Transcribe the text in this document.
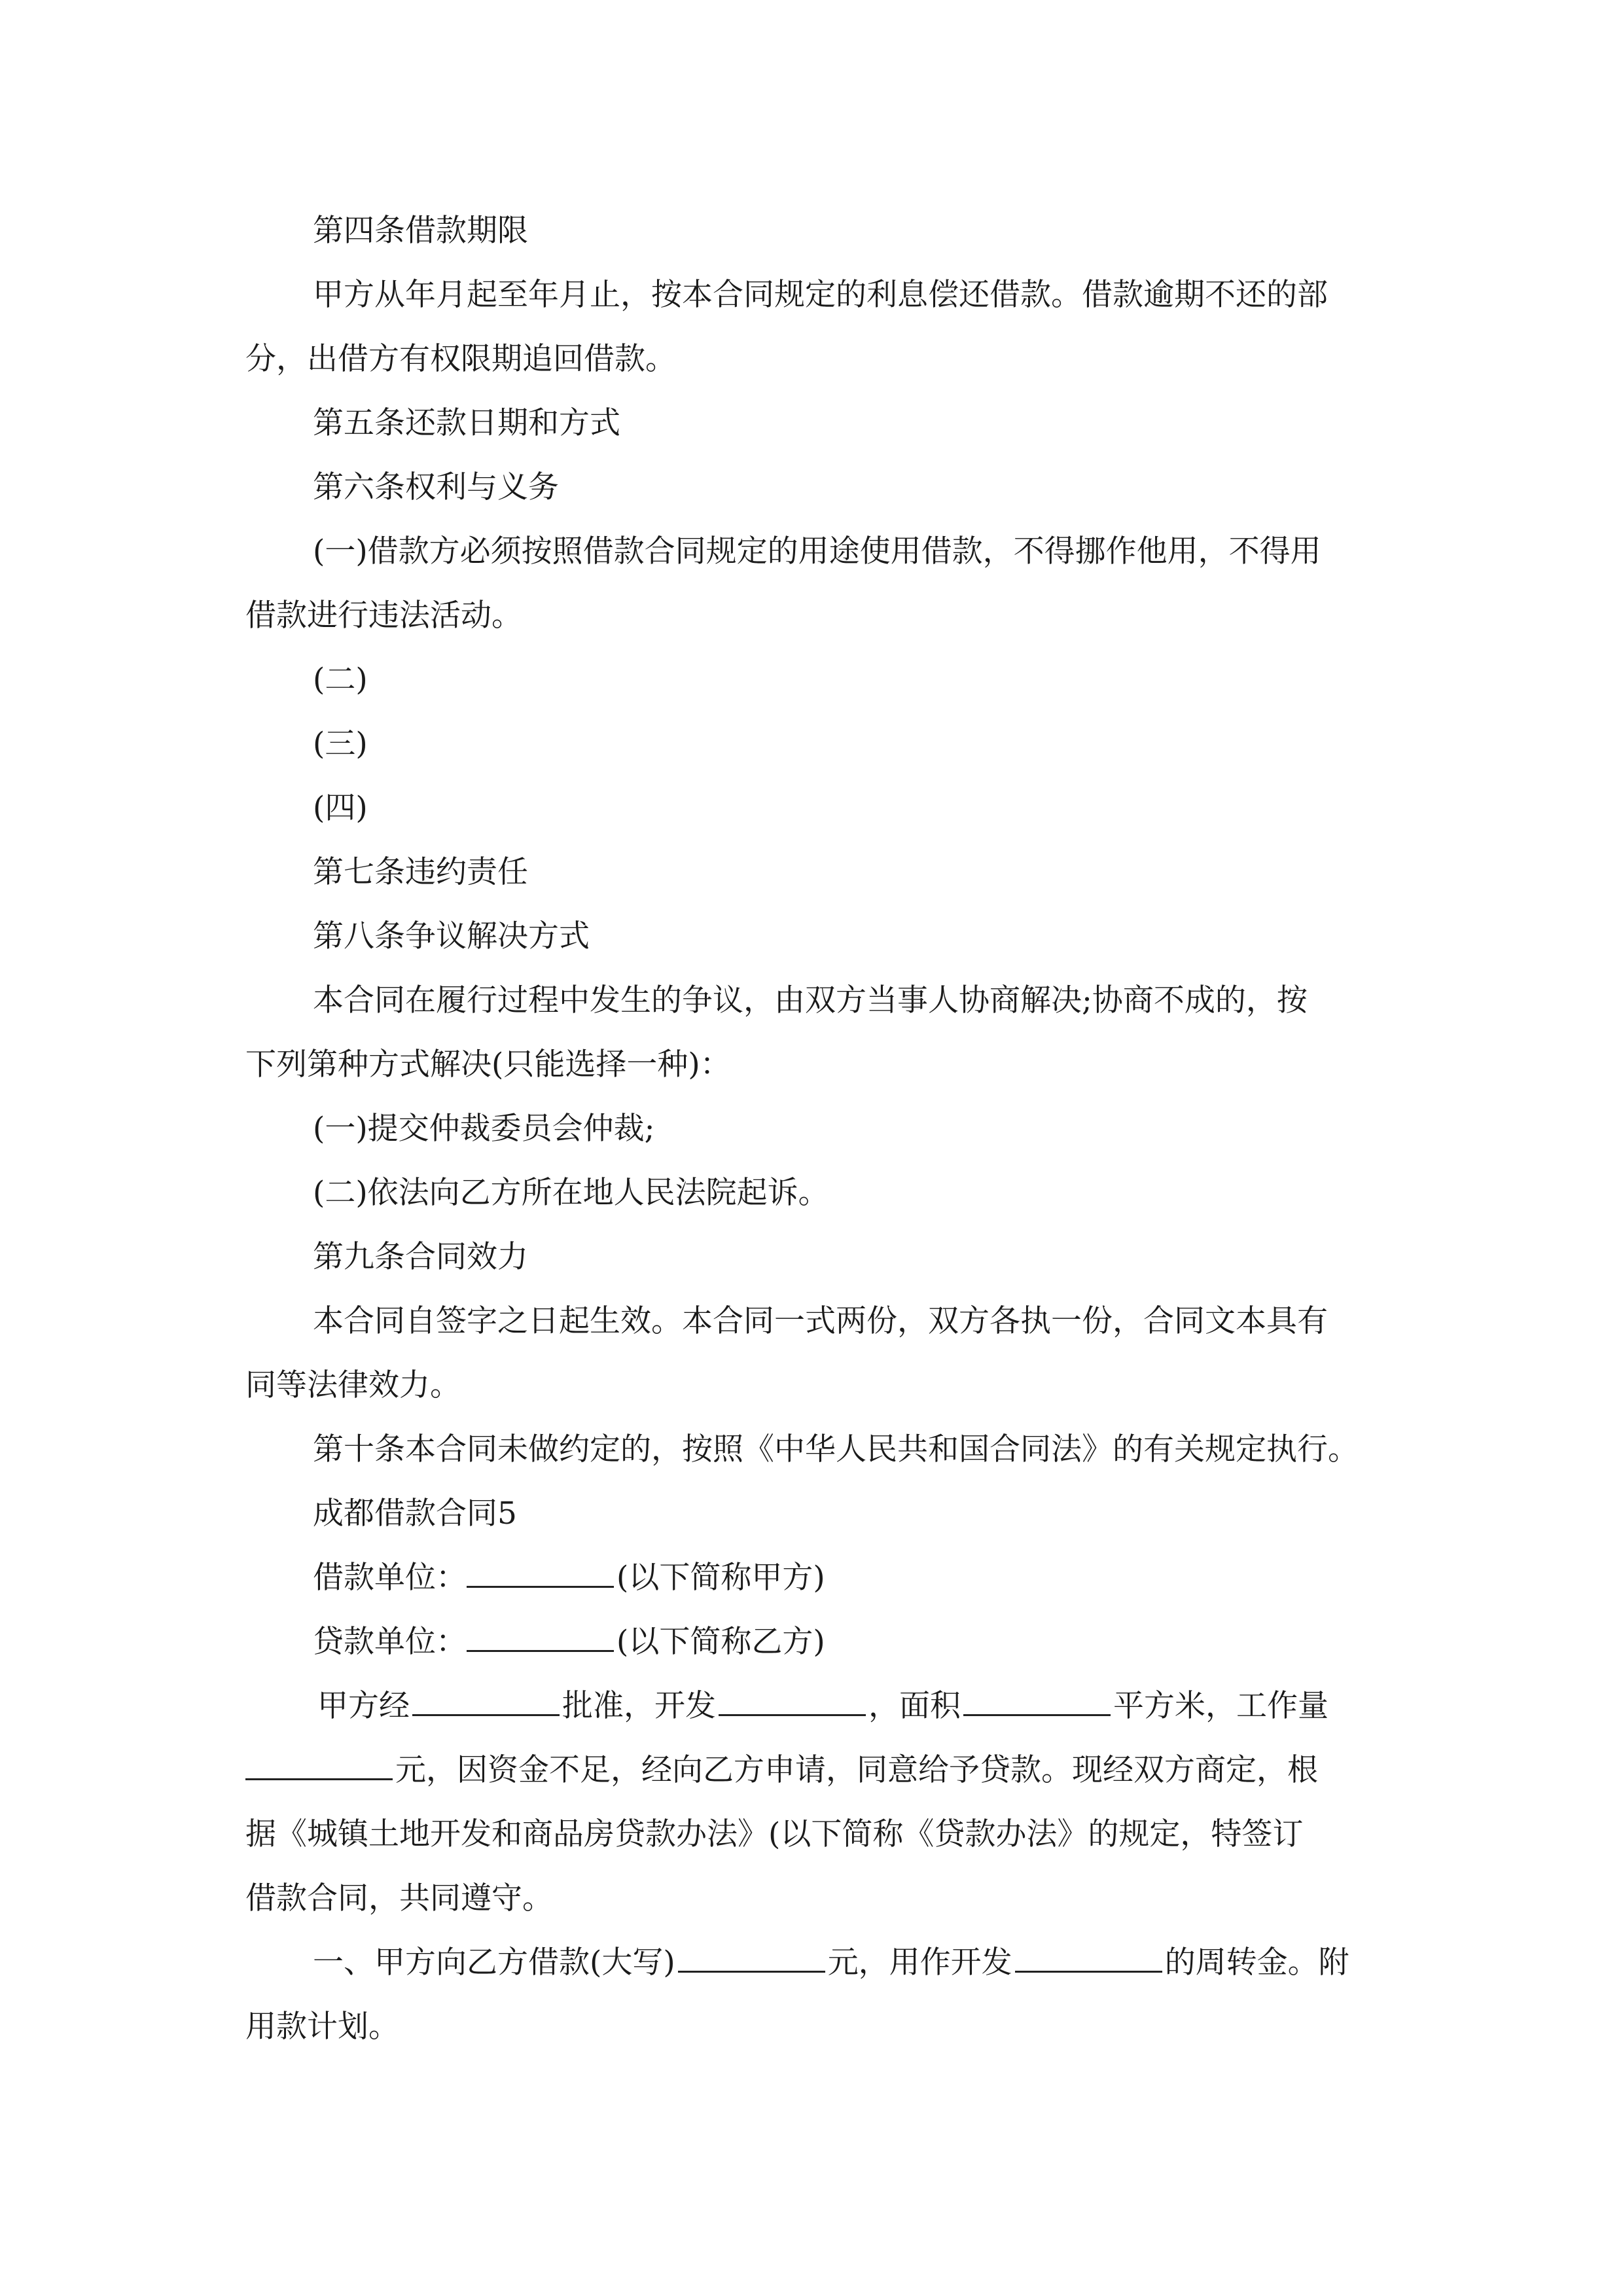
第四条借款期限

甲方从年月起至年月止，按本合同规定的利息偿还借款。借款逾期不还的部

分，出借方有权限期追回借款。

第五条还款日期和方式

第六条权利与义务

(一)借款方必须按照借款合同规定的用途使用借款，不得挪作他用，不得用

借款进行违法活动。

(二)

(三)

(四)

第七条违约责任

第八条争议解决方式

本合同在履行过程中发生的争议，由双方当事人协商解决;协商不成的，按

下列第种方式解决(只能选择一种)：

(一)提交仲裁委员会仲裁;

(二)依法向乙方所在地人民法院起诉。

第九条合同效力

本合同自签字之日起生效。本合同一式两份，双方各执一份，合同文本具有

同等法律效力。

第十条本合同未做约定的，按照《中华人民共和国合同法》的有关规定执行。

成都借款合同5

借款单位：	(以下简称甲方)

贷款单位：	(以下简称乙方)

甲方经	批准，开发	，面积	平方米，工作量

元，因资金不足，经向乙方申请，同意给予贷款。现经双方商定，根

据《城镇土地开发和商品房贷款办法》(以下简称《贷款办法》的规定，特签订

借款合同，共同遵守。

一、甲方向乙方借款(大写)	元，用作开发	的周转金。附

用款计划。
